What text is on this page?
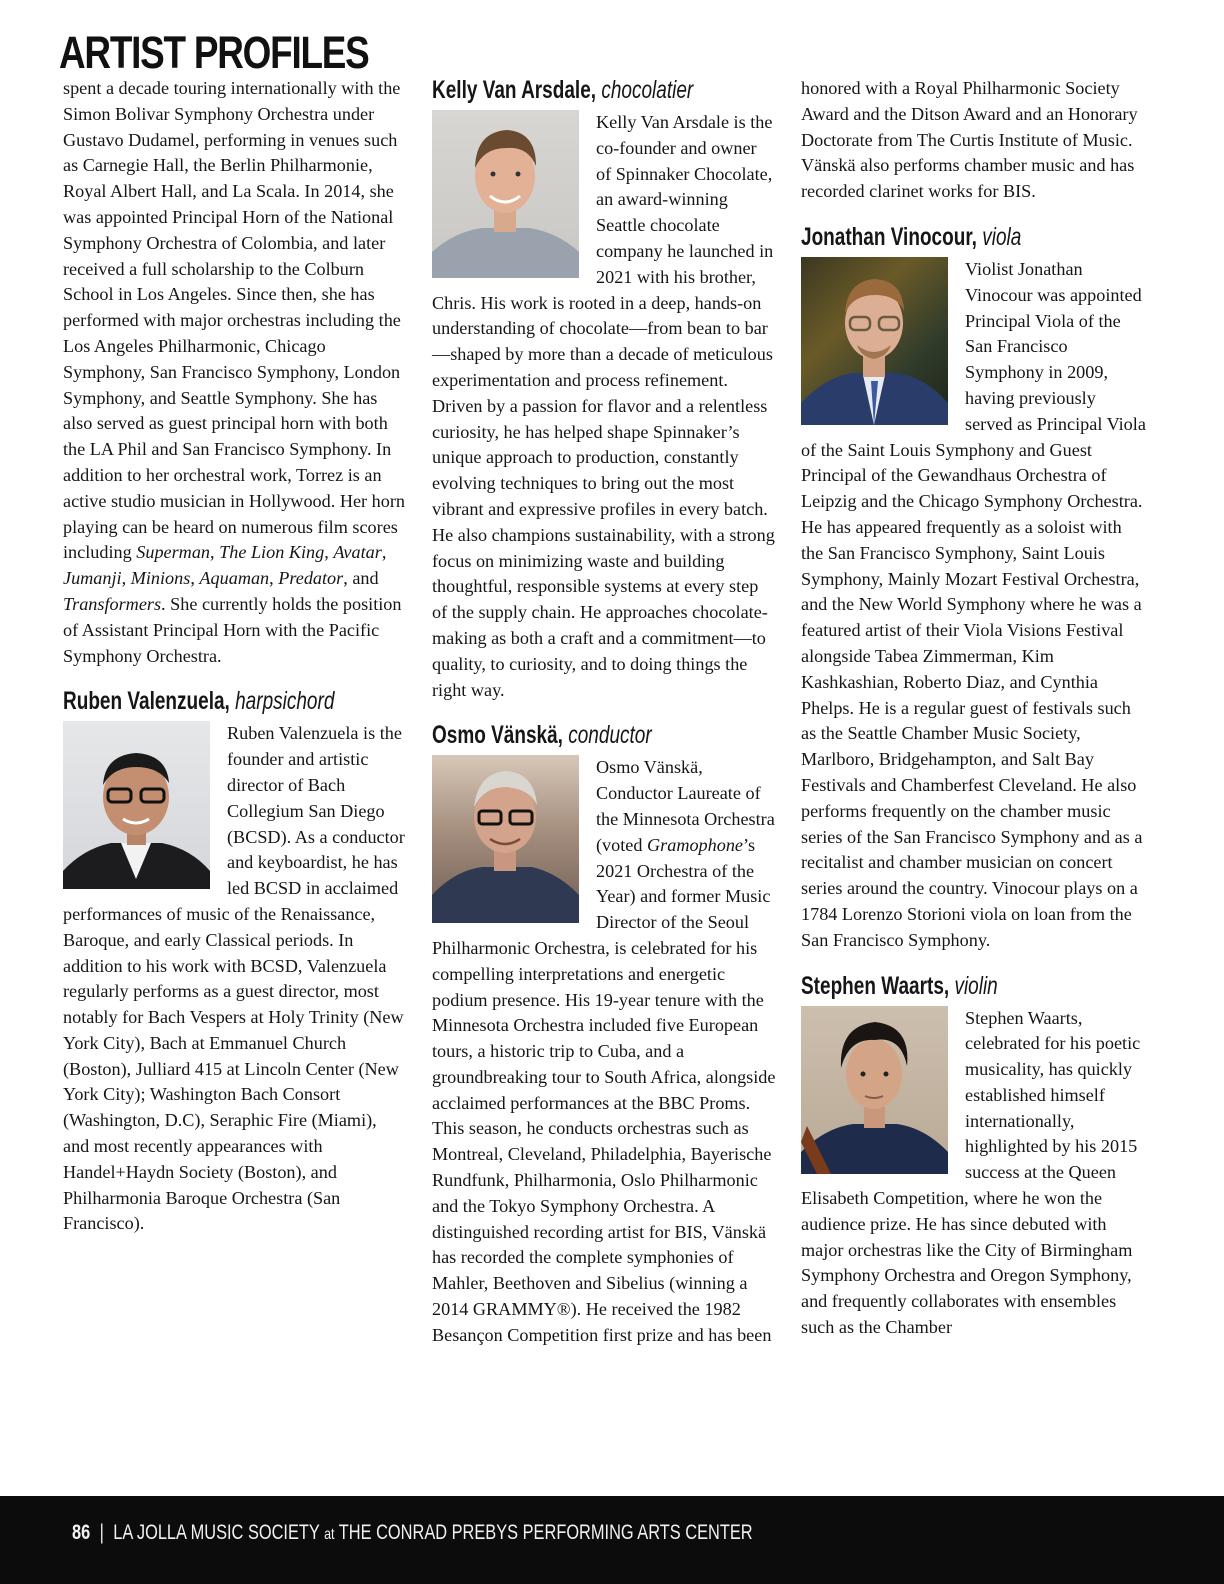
ARTIST PROFILES

spent a decade touring internationally with the Simon Bolivar Symphony Orchestra under Gustavo Dudamel, performing in venues such as Carnegie Hall, the Berlin Philharmonie, Royal Albert Hall, and La Scala. In 2014, she was appointed Principal Horn of the National Symphony Orchestra of Colombia, and later received a full scholarship to the Colburn School in Los Angeles. Since then, she has performed with major orchestras including the Los Angeles Philharmonic, Chicago Symphony, San Francisco Symphony, London Symphony, and Seattle Symphony. She has also served as guest principal horn with both the LA Phil and San Francisco Symphony. In addition to her orchestral work, Torrez is an active studio musician in Hollywood. Her horn playing can be heard on numerous film scores including Superman, The Lion King, Avatar, Jumanji, Minions, Aquaman, Predator, and Transformers. She currently holds the position of Assistant Principal Horn with the Pacific Symphony Orchestra.

Ruben Valenzuela, harpsichord

Ruben Valenzuela is the founder and artistic director of Bach Collegium San Diego (BCSD). As a conductor and keyboardist, he has led BCSD in acclaimed performances of music of the Renaissance, Baroque, and early Classical periods. In addition to his work with BCSD, Valenzuela regularly performs as a guest director, most notably for Bach Vespers at Holy Trinity (New York City), Bach at Emmanuel Church (Boston), Julliard 415 at Lincoln Center (New York City); Washington Bach Consort (Washington, D.C), Seraphic Fire (Miami), and most recently appearances with Handel+Haydn Society (Boston), and Philharmonia Baroque Orchestra (San Francisco).

Kelly Van Arsdale, chocolatier

Kelly Van Arsdale is the co-founder and owner of Spinnaker Chocolate, an award-winning Seattle chocolate company he launched in 2021 with his brother, Chris. His work is rooted in a deep, hands-on understanding of chocolate—from bean to bar—shaped by more than a decade of meticulous experimentation and process refinement. Driven by a passion for flavor and a relentless curiosity, he has helped shape Spinnaker’s unique approach to production, constantly evolving techniques to bring out the most vibrant and expressive profiles in every batch. He also champions sustainability, with a strong focus on minimizing waste and building thoughtful, responsible systems at every step of the supply chain. He approaches chocolate-making as both a craft and a commitment—to quality, to curiosity, and to doing things the right way.

Osmo Vänskä, conductor

Osmo Vänskä, Conductor Laureate of the Minnesota Orchestra (voted Gramophone’s 2021 Orchestra of the Year) and former Music Director of the Seoul Philharmonic Orchestra, is celebrated for his compelling interpretations and energetic podium presence. His 19-year tenure with the Minnesota Orchestra included five European tours, a historic trip to Cuba, and a groundbreaking tour to South Africa, alongside acclaimed performances at the BBC Proms. This season, he conducts orchestras such as Montreal, Cleveland, Philadelphia, Bayerische Rundfunk, Philharmonia, Oslo Philharmonic and the Tokyo Symphony Orchestra. A distinguished recording artist for BIS, Vänskä has recorded the complete symphonies of Mahler, Beethoven and Sibelius (winning a 2014 GRAMMY®). He received the 1982 Besançon Competition first prize and has been

honored with a Royal Philharmonic Society Award and the Ditson Award and an Honorary Doctorate from The Curtis Institute of Music. Vänskä also performs chamber music and has recorded clarinet works for BIS.

Jonathan Vinocour, viola

Violist Jonathan Vinocour was appointed Principal Viola of the San Francisco Symphony in 2009, having previously served as Principal Viola of the Saint Louis Symphony and Guest Principal of the Gewandhaus Orchestra of Leipzig and the Chicago Symphony Orchestra. He has appeared frequently as a soloist with the San Francisco Symphony, Saint Louis Symphony, Mainly Mozart Festival Orchestra, and the New World Symphony where he was a featured artist of their Viola Visions Festival alongside Tabea Zimmerman, Kim Kashkashian, Roberto Diaz, and Cynthia Phelps. He is a regular guest of festivals such as the Seattle Chamber Music Society, Marlboro, Bridgehampton, and Salt Bay Festivals and Chamberfest Cleveland. He also performs frequently on the chamber music series of the San Francisco Symphony and as a recitalist and chamber musician on concert series around the country. Vinocour plays on a 1784 Lorenzo Storioni viola on loan from the San Francisco Symphony.

Stephen Waarts, violin

Stephen Waarts, celebrated for his poetic musicality, has quickly established himself internationally, highlighted by his 2015 success at the Queen Elisabeth Competition, where he won the audience prize. He has since debuted with major orchestras like the City of Birmingham Symphony Orchestra and Oregon Symphony, and frequently collaborates with ensembles such as the Chamber

86 | LA JOLLA MUSIC SOCIETY at THE CONRAD PREBYS PERFORMING ARTS CENTER
